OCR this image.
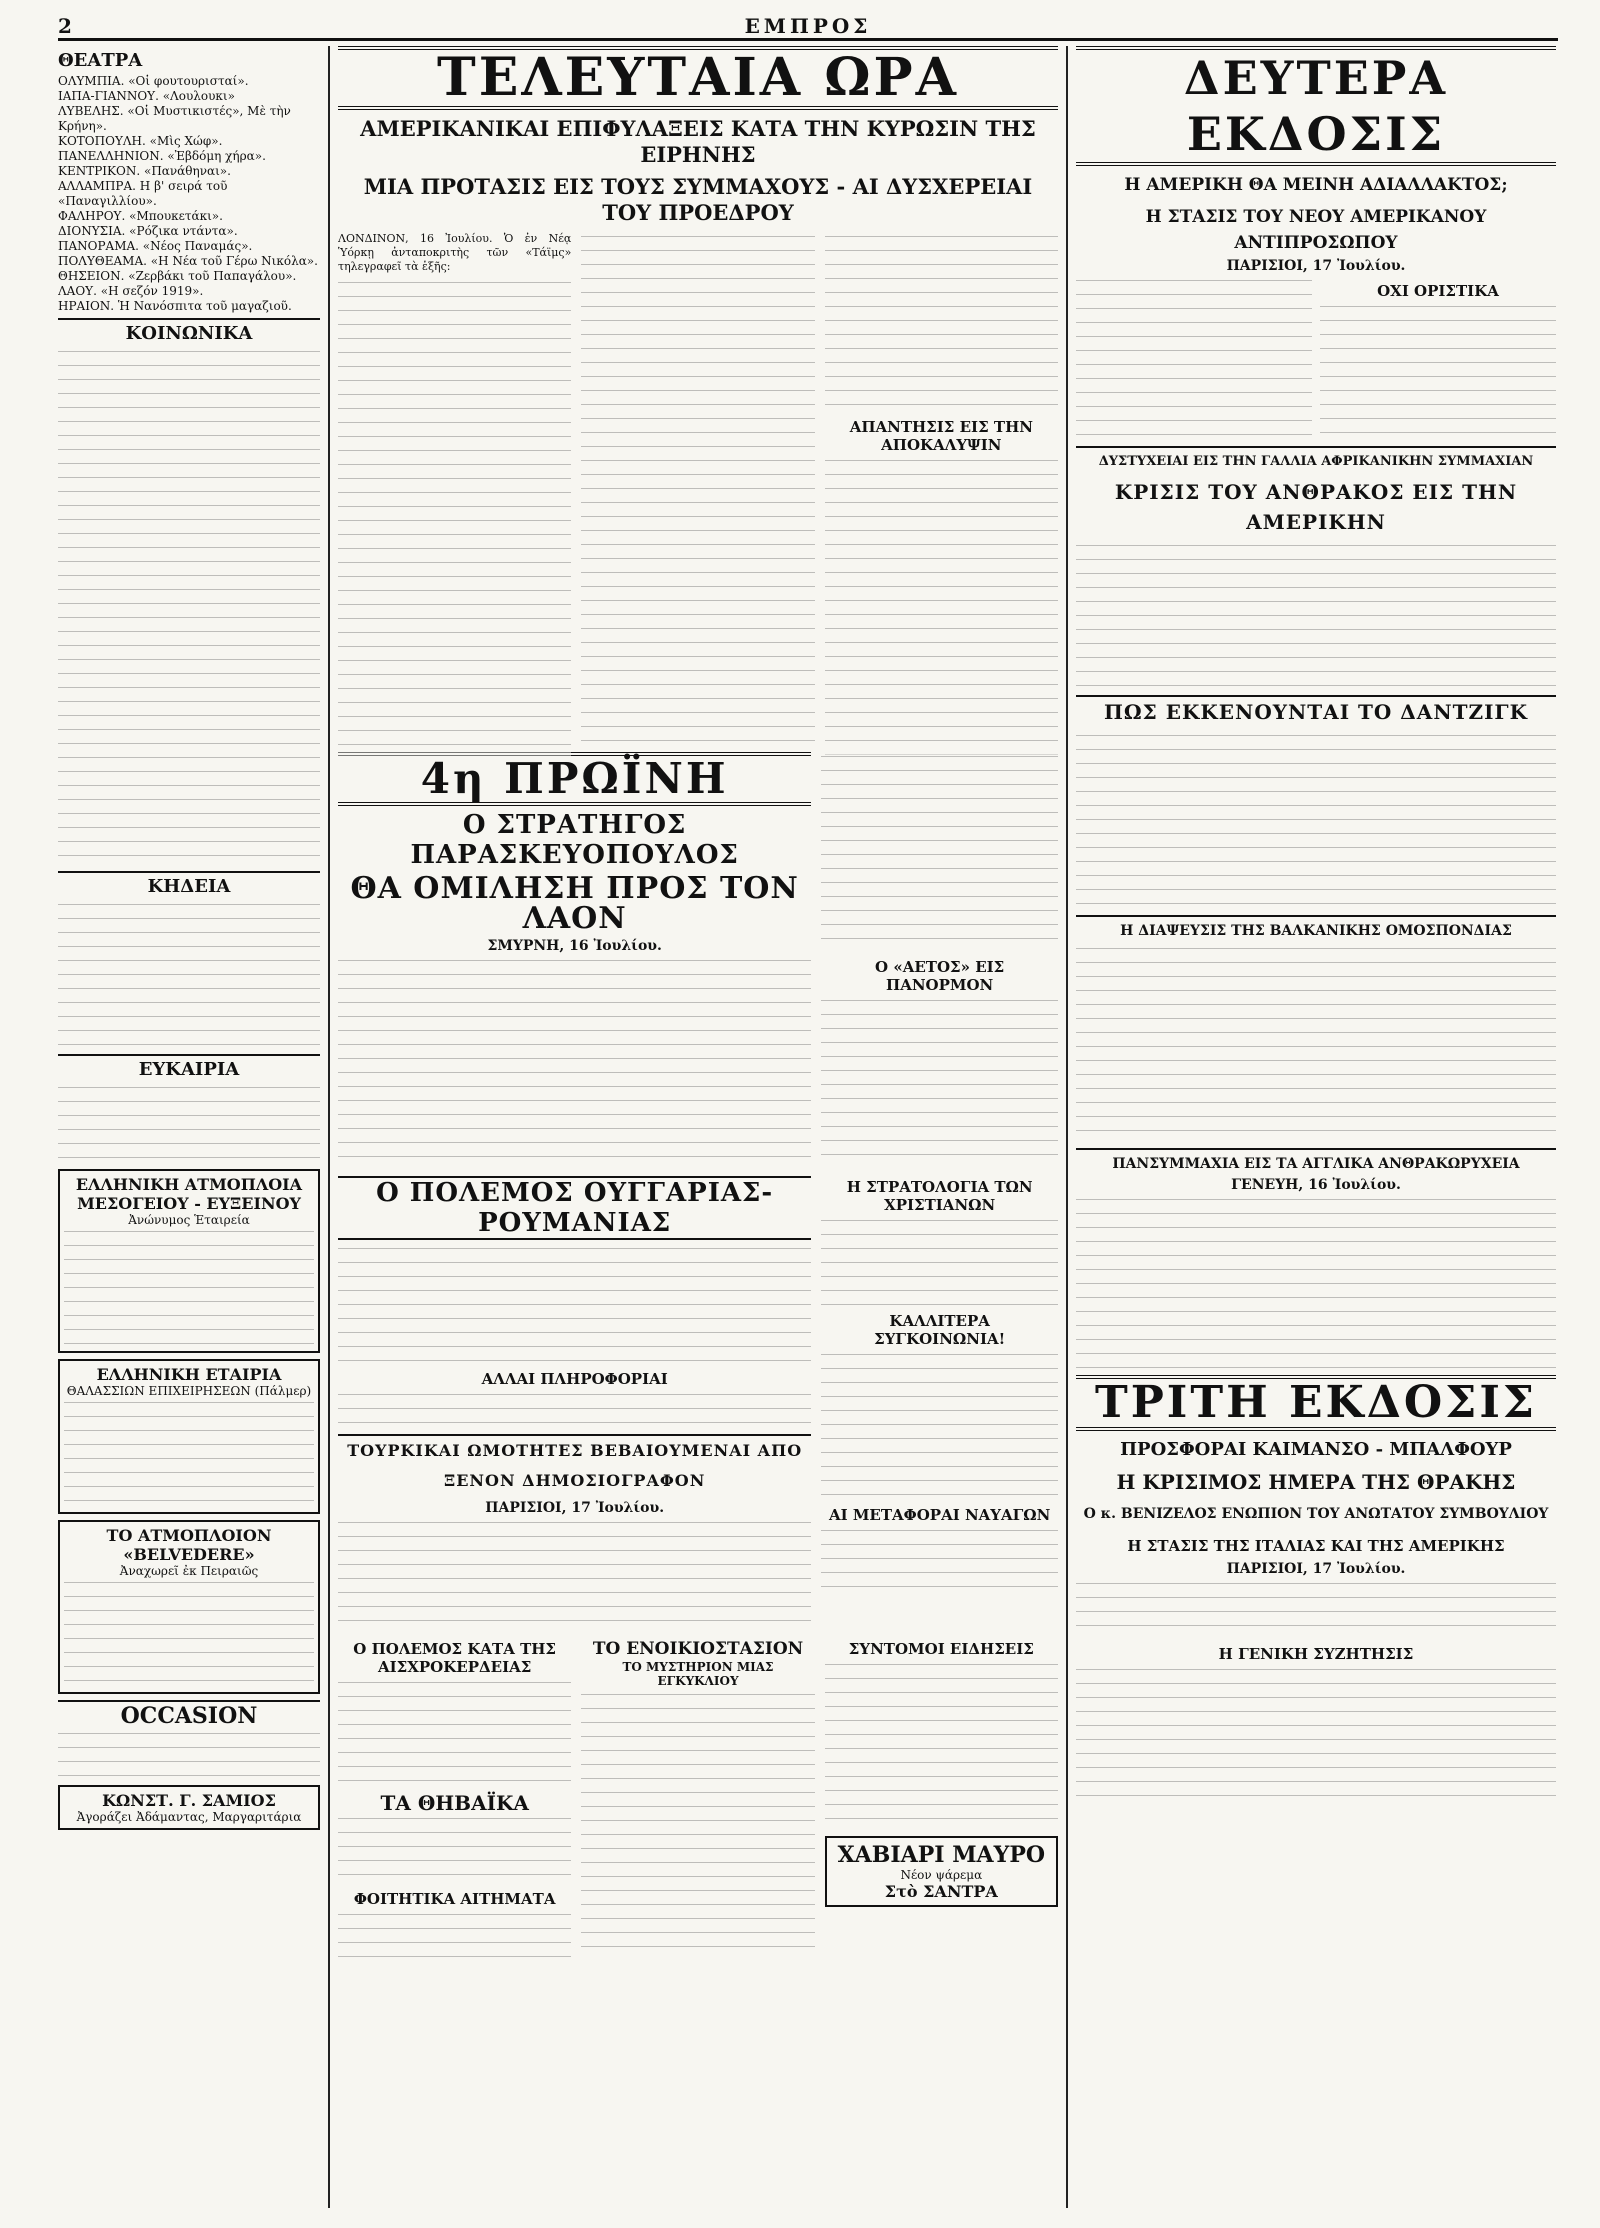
2	ΕΜΠΡΟΣ
ΘΕΑΤΡΑ
ΟΛΥΜΠΙΑ. «Οἱ φουτουρισταί».
ΙΑΠΑ-ΓΙΑΝΝΟΥ. «Λουλουκι»
ΛΥΒΕΛΗΣ. «Οἱ Μυστικιστές», Μὲ τὴν Κρήνη».
ΚΟΤΟΠΟΥΛΗ. «Μὶς Χώφ».
ΠΑΝΕΛΛΗΝΙΟΝ. «Ἐβδόμη χήρα».
ΚΕΝΤΡΙΚΟΝ. «Πανάθηναι».
ΑΛΛΑΜΠΡΑ. Η β' σειρά τοῦ «Παναγιλλίου».
ΦΑΛΗΡΟΥ. «Μπουκετάκι».
ΔΙΟΝΥΣΙΑ. «Ρόζικα ντάντα».
ΠΑΝΟΡΑΜΑ. «Νέος Παναμάς».
ΠΟΛΥΘΕΑΜΑ. «Η Νέα τοῦ Γέρω Νικόλα».
ΘΗΣΕΙΟΝ. «Ζερβάκι τοῦ Παπαγάλου».
ΛΑΟΥ. «Η σεζόν 1919».
ΗΡΑΙΟΝ. Ἡ Νανόσπιτα τοῦ μαγαζιοῦ.
ΚΟΙΝΩΝΙΚΑ
ΚΗΔΕΙΑ
ΕΥΚΑΙΡΙΑ
ΕΛΛΗΝΙΚΗ ΑΤΜΟΠΛΟΙΑ ΜΕΣΟΓΕΙΟΥ - ΕΥΞΕΙΝΟΥ
Ἀνώνυμος Ἑταιρεία
ΕΛΛΗΝΙΚΗ ΕΤΑΙΡΙΑ
ΘΑΛΑΣΣΙΩΝ ΕΠΙΧΕΙΡΗΣΕΩΝ (Πάλμερ)
ΤΟ ΑΤΜΟΠΛΟΙΟΝ «BELVEDERE»
Ἀναχωρεῖ ἐκ Πειραιῶς
OCCASION
ΚΩΝΣΤ. Γ. ΣΑΜΙΟΣ
Ἀγοράζει Ἀδάμαντας, Μαργαριτάρια
ΤΕΛΕΥΤΑΙΑ ΩΡΑ
ΑΜΕΡΙΚΑΝΙΚΑΙ ΕΠΙΦΥΛΑΞΕΙΣ ΚΑΤΑ ΤΗΝ ΚΥΡΩΣΙΝ ΤΗΣ ΕΙΡΗΝΗΣ
ΜΙΑ ΠΡΟΤΑΣΙΣ ΕΙΣ ΤΟΥΣ ΣΥΜΜΑΧΟΥΣ - ΑΙ ΔΥΣΧΕΡΕΙΑΙ ΤΟΥ ΠΡΟΕΔΡΟΥ

ΛΟΝΔΙΝΟΝ, 16 Ἰουλίου. Ὁ ἐν Νέᾳ Ὑόρκῃ ἀνταποκριτὴς τῶν «Τάϊμς» τηλεγραφεῖ τὰ ἑξῆς:

ΑΠΑΝΤΗΣΙΣ ΕΙΣ ΤΗΝ ΑΠΟΚΑΛΥΨΙΝ
4η ΠΡΩΪΝΗ
Ο ΣΤΡΑΤΗΓΟΣ ΠΑΡΑΣΚΕΥΟΠΟΥΛΟΣ
ΘΑ ΟΜΙΛΗΣΗ ΠΡΟΣ ΤΟΝ ΛΑΟΝ
ΣΜΥΡΝΗ, 16 Ἰουλίου.
Ο «ΑΕΤΟΣ» ΕΙΣ ΠΑΝΟΡΜΟΝ
Ο ΠΟΛΕΜΟΣ ΟΥΓΓΑΡΙΑΣ-ΡΟΥΜΑΝΙΑΣ
ΑΛΛΑΙ ΠΛΗΡΟΦΟΡΙΑΙ
ΤΟΥΡΚΙΚΑΙ ΩΜΟΤΗΤΕΣ ΒΕΒΑΙΟΥΜΕΝΑΙ ΑΠΟ ΞΕΝΟΝ ΔΗΜΟΣΙΟΓΡΑΦΟΝ
ΠΑΡΙΣΙΟΙ, 17 Ἰουλίου.
Η ΣΤΡΑΤΟΛΟΓΙΑ ΤΩΝ ΧΡΙΣΤΙΑΝΩΝ
ΚΑΛΛΙΤΕΡΑ ΣΥΓΚΟΙΝΩΝΙΑ!
ΑΙ ΜΕΤΑΦΟΡΑΙ ΝΑΥΑΓΩΝ
Ο ΠΟΛΕΜΟΣ ΚΑΤΑ ΤΗΣ ΑΙΣΧΡΟΚΕΡΔΕΙΑΣ
ΤΑ ΘΗΒΑΪΚΑ
ΦΟΙΤΗΤΙΚΑ ΑΙΤΗΜΑΤΑ
ΤΟ ΕΝΟΙΚΙΟΣΤΑΣΙΟΝ
ΤΟ ΜΥΣΤΗΡΙΟΝ ΜΙΑΣ ΕΓΚΥΚΛΙΟΥ
ΣΥΝΤΟΜΟΙ ΕΙΔΗΣΕΙΣ
ΧΑΒΙΑΡΙ ΜΑΥΡΟ
Νέον ψάρεμα
Στὸ ΣΑΝΤΡΑ
ΔΕΥΤΕΡΑ ΕΚΔΟΣΙΣ
Η ΑΜΕΡΙΚΗ ΘΑ ΜΕΙΝΗ ΑΔΙΑΛΛΑΚΤΟΣ;
Η ΣΤΑΣΙΣ ΤΟΥ ΝΕΟΥ ΑΜΕΡΙΚΑΝΟΥ ΑΝΤΙΠΡΟΣΩΠΟΥ
ΠΑΡΙΣΙΟΙ, 17 Ἰουλίου.
ΟΧΙ ΟΡΙΣΤΙΚΑ
ΔΥΣΤΥΧΕΙΑΙ ΕΙΣ ΤΗΝ ΓΑΛΛΙΑ ΑΦΡΙΚΑΝΙΚΗΝ ΣΥΜΜΑΧΙΑΝ
ΚΡΙΣΙΣ ΤΟΥ ΑΝΘΡΑΚΟΣ ΕΙΣ ΤΗΝ ΑΜΕΡΙΚΗΝ
ΠΩΣ ΕΚΚΕΝΟΥΝΤΑΙ ΤΟ ΔΑΝΤΖΙΓΚ
Η ΔΙΑΨΕΥΣΙΣ ΤΗΣ ΒΑΛΚΑΝΙΚΗΣ ΟΜΟΣΠΟΝΔΙΑΣ
ΠΑΝΣΥΜΜΑΧΙΑ ΕΙΣ ΤΑ ΑΓΓΛΙΚΑ ΑΝΘΡΑΚΩΡΥΧΕΙΑ
ΓΕΝΕΥΗ, 16 Ἰουλίου.
ΤΡΙΤΗ ΕΚΔΟΣΙΣ
ΠΡΟΣΦΟΡΑΙ ΚΑΙΜΑΝΣΟ - ΜΠΑΛΦΟΥΡ
Η ΚΡΙΣΙΜΟΣ ΗΜΕΡΑ ΤΗΣ ΘΡΑΚΗΣ
Ο κ. ΒΕΝΙΖΕΛΟΣ ΕΝΩΠΙΟΝ ΤΟΥ ΑΝΩΤΑΤΟΥ ΣΥΜΒΟΥΛΙΟΥ
Η ΣΤΑΣΙΣ ΤΗΣ ΙΤΑΛΙΑΣ ΚΑΙ ΤΗΣ ΑΜΕΡΙΚΗΣ
ΠΑΡΙΣΙΟΙ, 17 Ἰουλίου.
Η ΓΕΝΙΚΗ ΣΥΖΗΤΗΣΙΣ
